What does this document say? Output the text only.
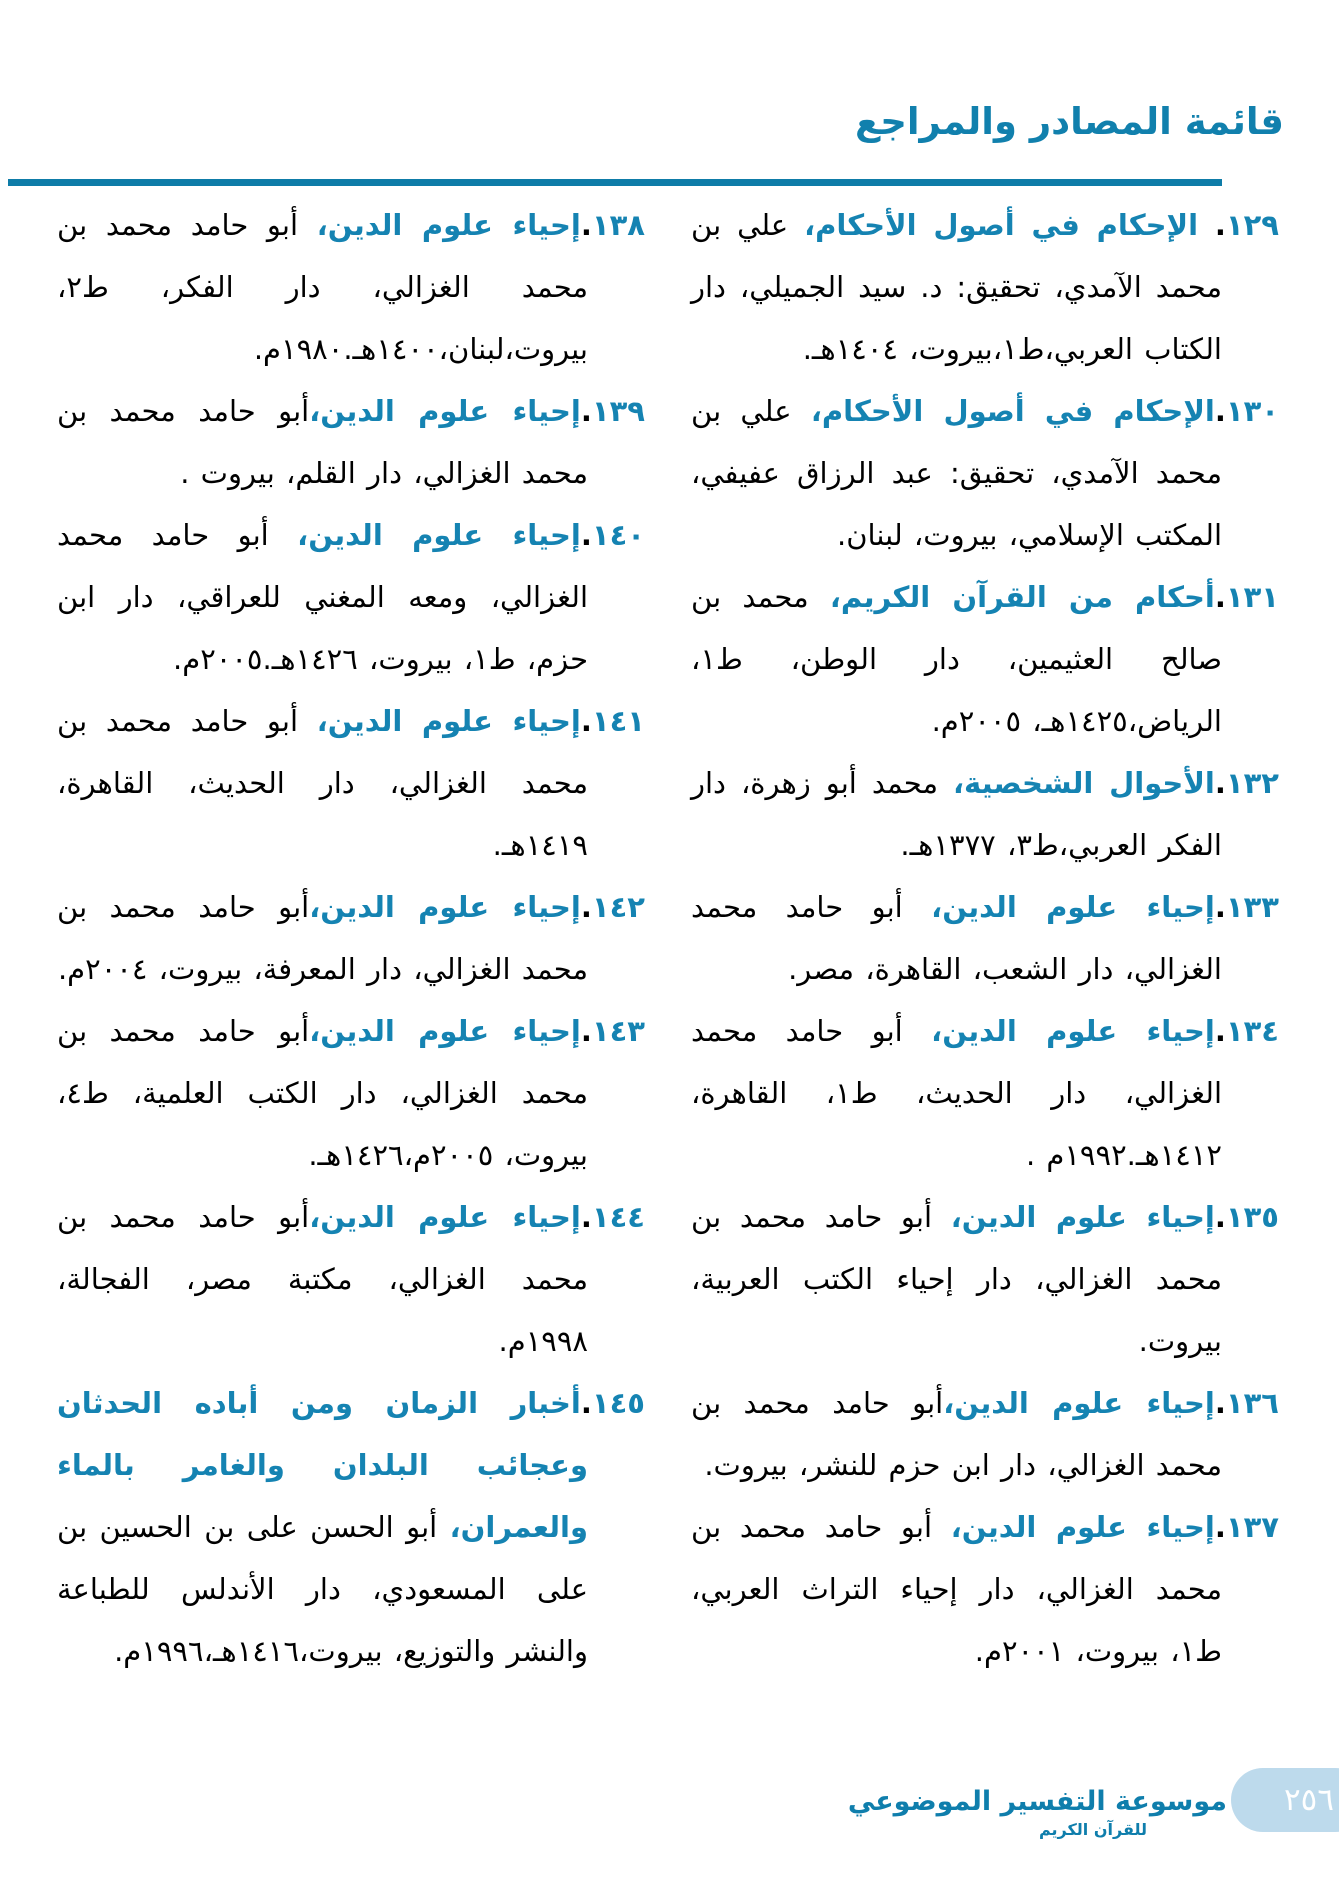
قائمة المصادر والمراجع
١٢٩. الإحكام في أصول الأحكام، علي بن محمد الآمدي، تحقيق: د. سيد الجميلي، دار الكتاب العربي،ط١،بيروت، ١٤٠٤هـ.
١٣٠.الإحكام في أصول الأحكام، علي بن محمد الآمدي، تحقيق: عبد الرزاق عفيفي، المكتب الإسلامي، بيروت، لبنان.
١٣١.أحكام من القرآن الكريم، محمد بن صالح العثيمين، دار الوطن، ط١، الرياض،١٤٢٥هـ، ٢٠٠٥م.
١٣٢.الأحوال الشخصية، محمد أبو زهرة، دار الفكر العربي،ط٣، ١٣٧٧هـ.
١٣٣.إحياء علوم الدين، أبو حامد محمد الغزالي، دار الشعب، القاهرة، مصر.
١٣٤.إحياء علوم الدين، أبو حامد محمد الغزالي، دار الحديث، ط١، القاهرة، ١٤١٢هـ.١٩٩٢م .
١٣٥.إحياء علوم الدين، أبو حامد محمد بن محمد الغزالي، دار إحياء الكتب العربية، بيروت.
١٣٦.إحياء علوم الدين،أبو حامد محمد بن محمد الغزالي، دار ابن حزم للنشر، بيروت.
١٣٧.إحياء علوم الدين، أبو حامد محمد بن محمد الغزالي، دار إحياء التراث العربي، ط١، بيروت، ٢٠٠١م.
١٣٨.إحياء علوم الدين، أبو حامد محمد بن محمد الغزالي، دار الفكر، ط٢، بيروت،لبنان،١٤٠٠هـ.١٩٨٠م.
١٣٩.إحياء علوم الدين،أبو حامد محمد بن محمد الغزالي، دار القلم، بيروت .
١٤٠.إحياء علوم الدين، أبو حامد محمد الغزالي، ومعه المغني للعراقي، دار ابن حزم، ط١، بيروت، ١٤٢٦هـ.٢٠٠٥م.
١٤١.إحياء علوم الدين، أبو حامد محمد بن محمد الغزالي، دار الحديث، القاهرة، ١٤١٩هـ.
١٤٢.إحياء علوم الدين،أبو حامد محمد بن محمد الغزالي، دار المعرفة، بيروت، ٢٠٠٤م.
١٤٣.إحياء علوم الدين،أبو حامد محمد بن محمد الغزالي، دار الكتب العلمية، ط٤، بيروت، ٢٠٠٥م،١٤٢٦هـ.
١٤٤.إحياء علوم الدين،أبو حامد محمد بن محمد الغزالي، مكتبة مصر، الفجالة، ١٩٩٨م.
١٤٥.أخبار الزمان ومن أباده الحدثان وعجائب البلدان والغامر بالماء والعمران، أبو الحسن على بن الحسين بن على المسعودي، دار الأندلس للطباعة والنشر والتوزيع، بيروت،١٤١٦هـ،١٩٩٦م.
موسوعة التفسير الموضوعي
للقرآن الكريم
٢٥٦
